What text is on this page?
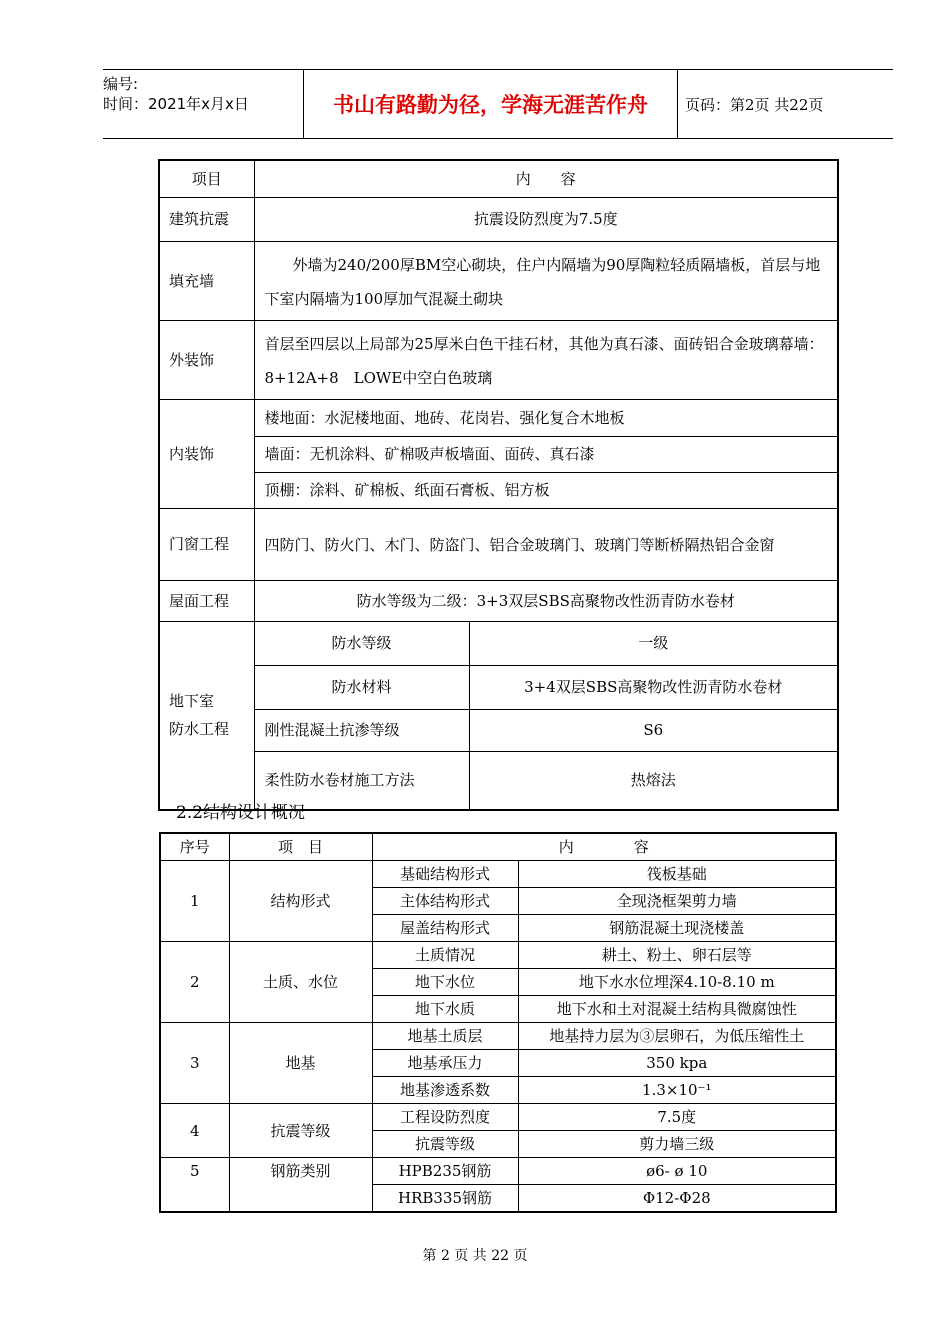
编号:
时间：2021年x月x日	书山有路勤为径，学海无涯苦作舟	页码：第2页 共22页
项目	内　　容	
建筑抗震	抗震设防烈度为7.5度	
填充墙	外墙为240/200厚BM空心砌块，住户内隔墙为90厚陶粒轻质隔墙板，首层与地下室内隔墙为100厚加气混凝土砌块	
外装饰	首层至四层以上局部为25厚米白色干挂石材，其他为真石漆、面砖铝合金玻璃幕墙：8+12A+8　LOWE中空白色玻璃	
内装饰	楼地面：水泥楼地面、地砖、花岗岩、强化复合木地板	
	墙面：无机涂料、矿棉吸声板墙面、面砖、真石漆	
	顶棚：涂料、矿棉板、纸面石膏板、铝方板	
门窗工程	四防门、防火门、木门、防盗门、铝合金玻璃门、玻璃门等断桥隔热铝合金窗	
屋面工程	防水等级为二级：3+3双层SBS高聚物改性沥青防水卷材	

地下室
防水工程	防水等级	一级
	防水材料	3+4双层SBS高聚物改性沥青防水卷材
	刚性混凝土抗渗等级	S6
	柔性防水卷材施工方法	热熔法
2.2结构设计概况
序号	项　目	内　　　　容	
1	结构形式	基础结构形式	筏板基础
		主体结构形式	全现浇框架剪力墙
		屋盖结构形式	钢筋混凝土现浇楼盖
2	土质、水位	土质情况	耕土、粉土、卵石层等
		地下水位	地下水水位埋深4.10-8.10 m
		地下水质	地下水和土对混凝土结构具微腐蚀性
3	地基	地基土质层	地基持力层为③层卵石，为低压缩性土
		地基承压力	350 kpa
		地基渗透系数	1.3×10⁻¹
4	抗震等级	工程设防烈度	7.5度
		抗震等级	剪力墙三级
5	钢筋类别	HPB235钢筋	ø6- ø 10
		HRB335钢筋	Φ12-Φ28
第 2 页 共 22 页
